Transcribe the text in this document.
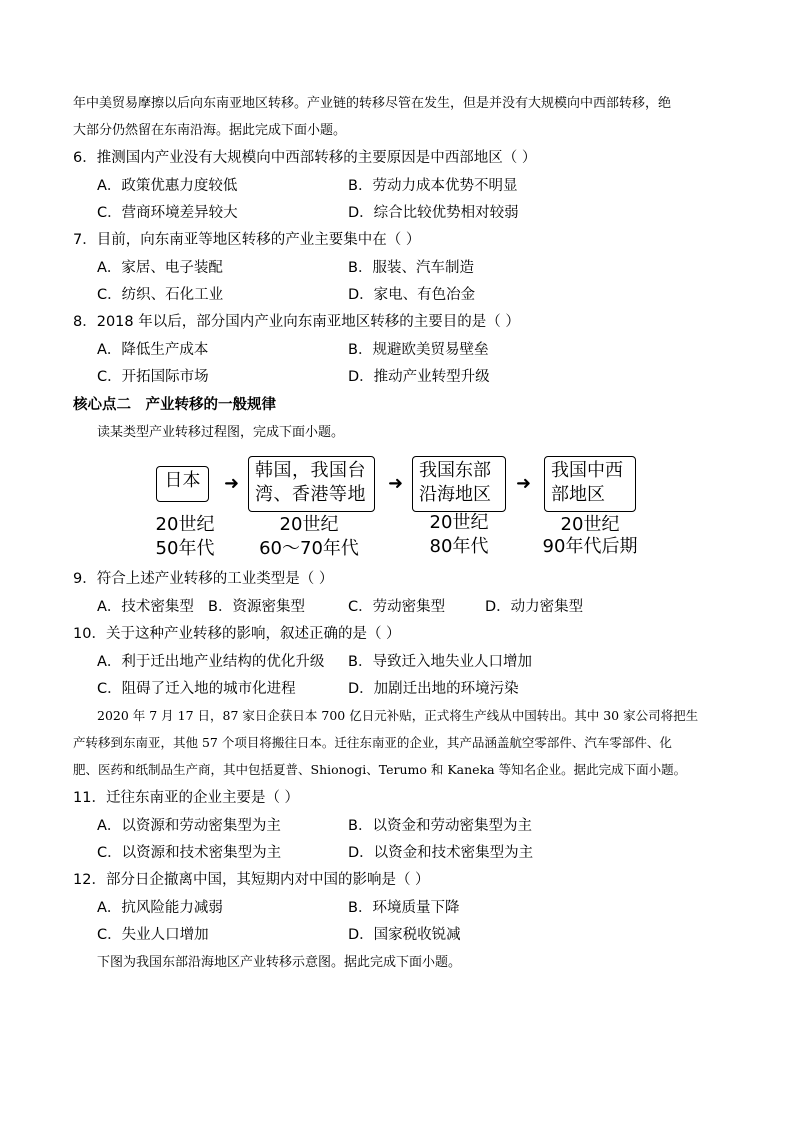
年中美贸易摩擦以后向东南亚地区转移。产业链的转移尽管在发生，但是并没有大规模向中西部转移，绝
大部分仍然留在东南沿海。据此完成下面小题。
6．推测国内产业没有大规模向中西部转移的主要原因是中西部地区（ ）
A．政策优惠力度较低	B．劳动力成本优势不明显
C．营商环境差异较大	D．综合比较优势相对较弱
7．目前，向东南亚等地区转移的产业主要集中在（ ）
A．家居、电子装配	B．服装、汽车制造
C．纺织、石化工业	D．家电、有色冶金
8．2018 年以后，部分国内产业向东南亚地区转移的主要目的是（ ）
A．降低生产成本	B．规避欧美贸易壁垒
C．开拓国际市场	D．推动产业转型升级
核心点二　产业转移的一般规律
读某类型产业转移过程图，完成下面小题。
日本	➜
韩国，我国台湾、香港等地
➜
我国东部沿海地区
➜
我国中西部地区
20世纪
50年代
20世纪
60～70年代
20世纪
80年代
20世纪
90年代后期
9．符合上述产业转移的工业类型是（ ）
A．技术密集型 B．资源密集型	C．劳动密集型	D．动力密集型
10．关于这种产业转移的影响，叙述正确的是（ ）
A．利于迁出地产业结构的优化升级 B．导致迁入地失业人口增加
C．阻碍了迁入地的城市化进程	D．加剧迁出地的环境污染
2020 年 7 月 17 日，87 家日企获日本 700 亿日元补贴，正式将生产线从中国转出。其中 30 家公司将把生
产转移到东南亚，其他 57 个项目将搬往日本。迁往东南亚的企业，其产品涵盖航空零部件、汽车零部件、化
肥、医药和纸制品生产商，其中包括夏普、Shionogi、Terumo 和 Kaneka 等知名企业。据此完成下面小题。
11．迁往东南亚的企业主要是（ ）
A．以资源和劳动密集型为主	B．以资金和劳动密集型为主
C．以资源和技术密集型为主	D．以资金和技术密集型为主
12．部分日企撤离中国，其短期内对中国的影响是（ ）
A．抗风险能力减弱	B．环境质量下降
C．失业人口增加	D．国家税收锐减
下图为我国东部沿海地区产业转移示意图。据此完成下面小题。
